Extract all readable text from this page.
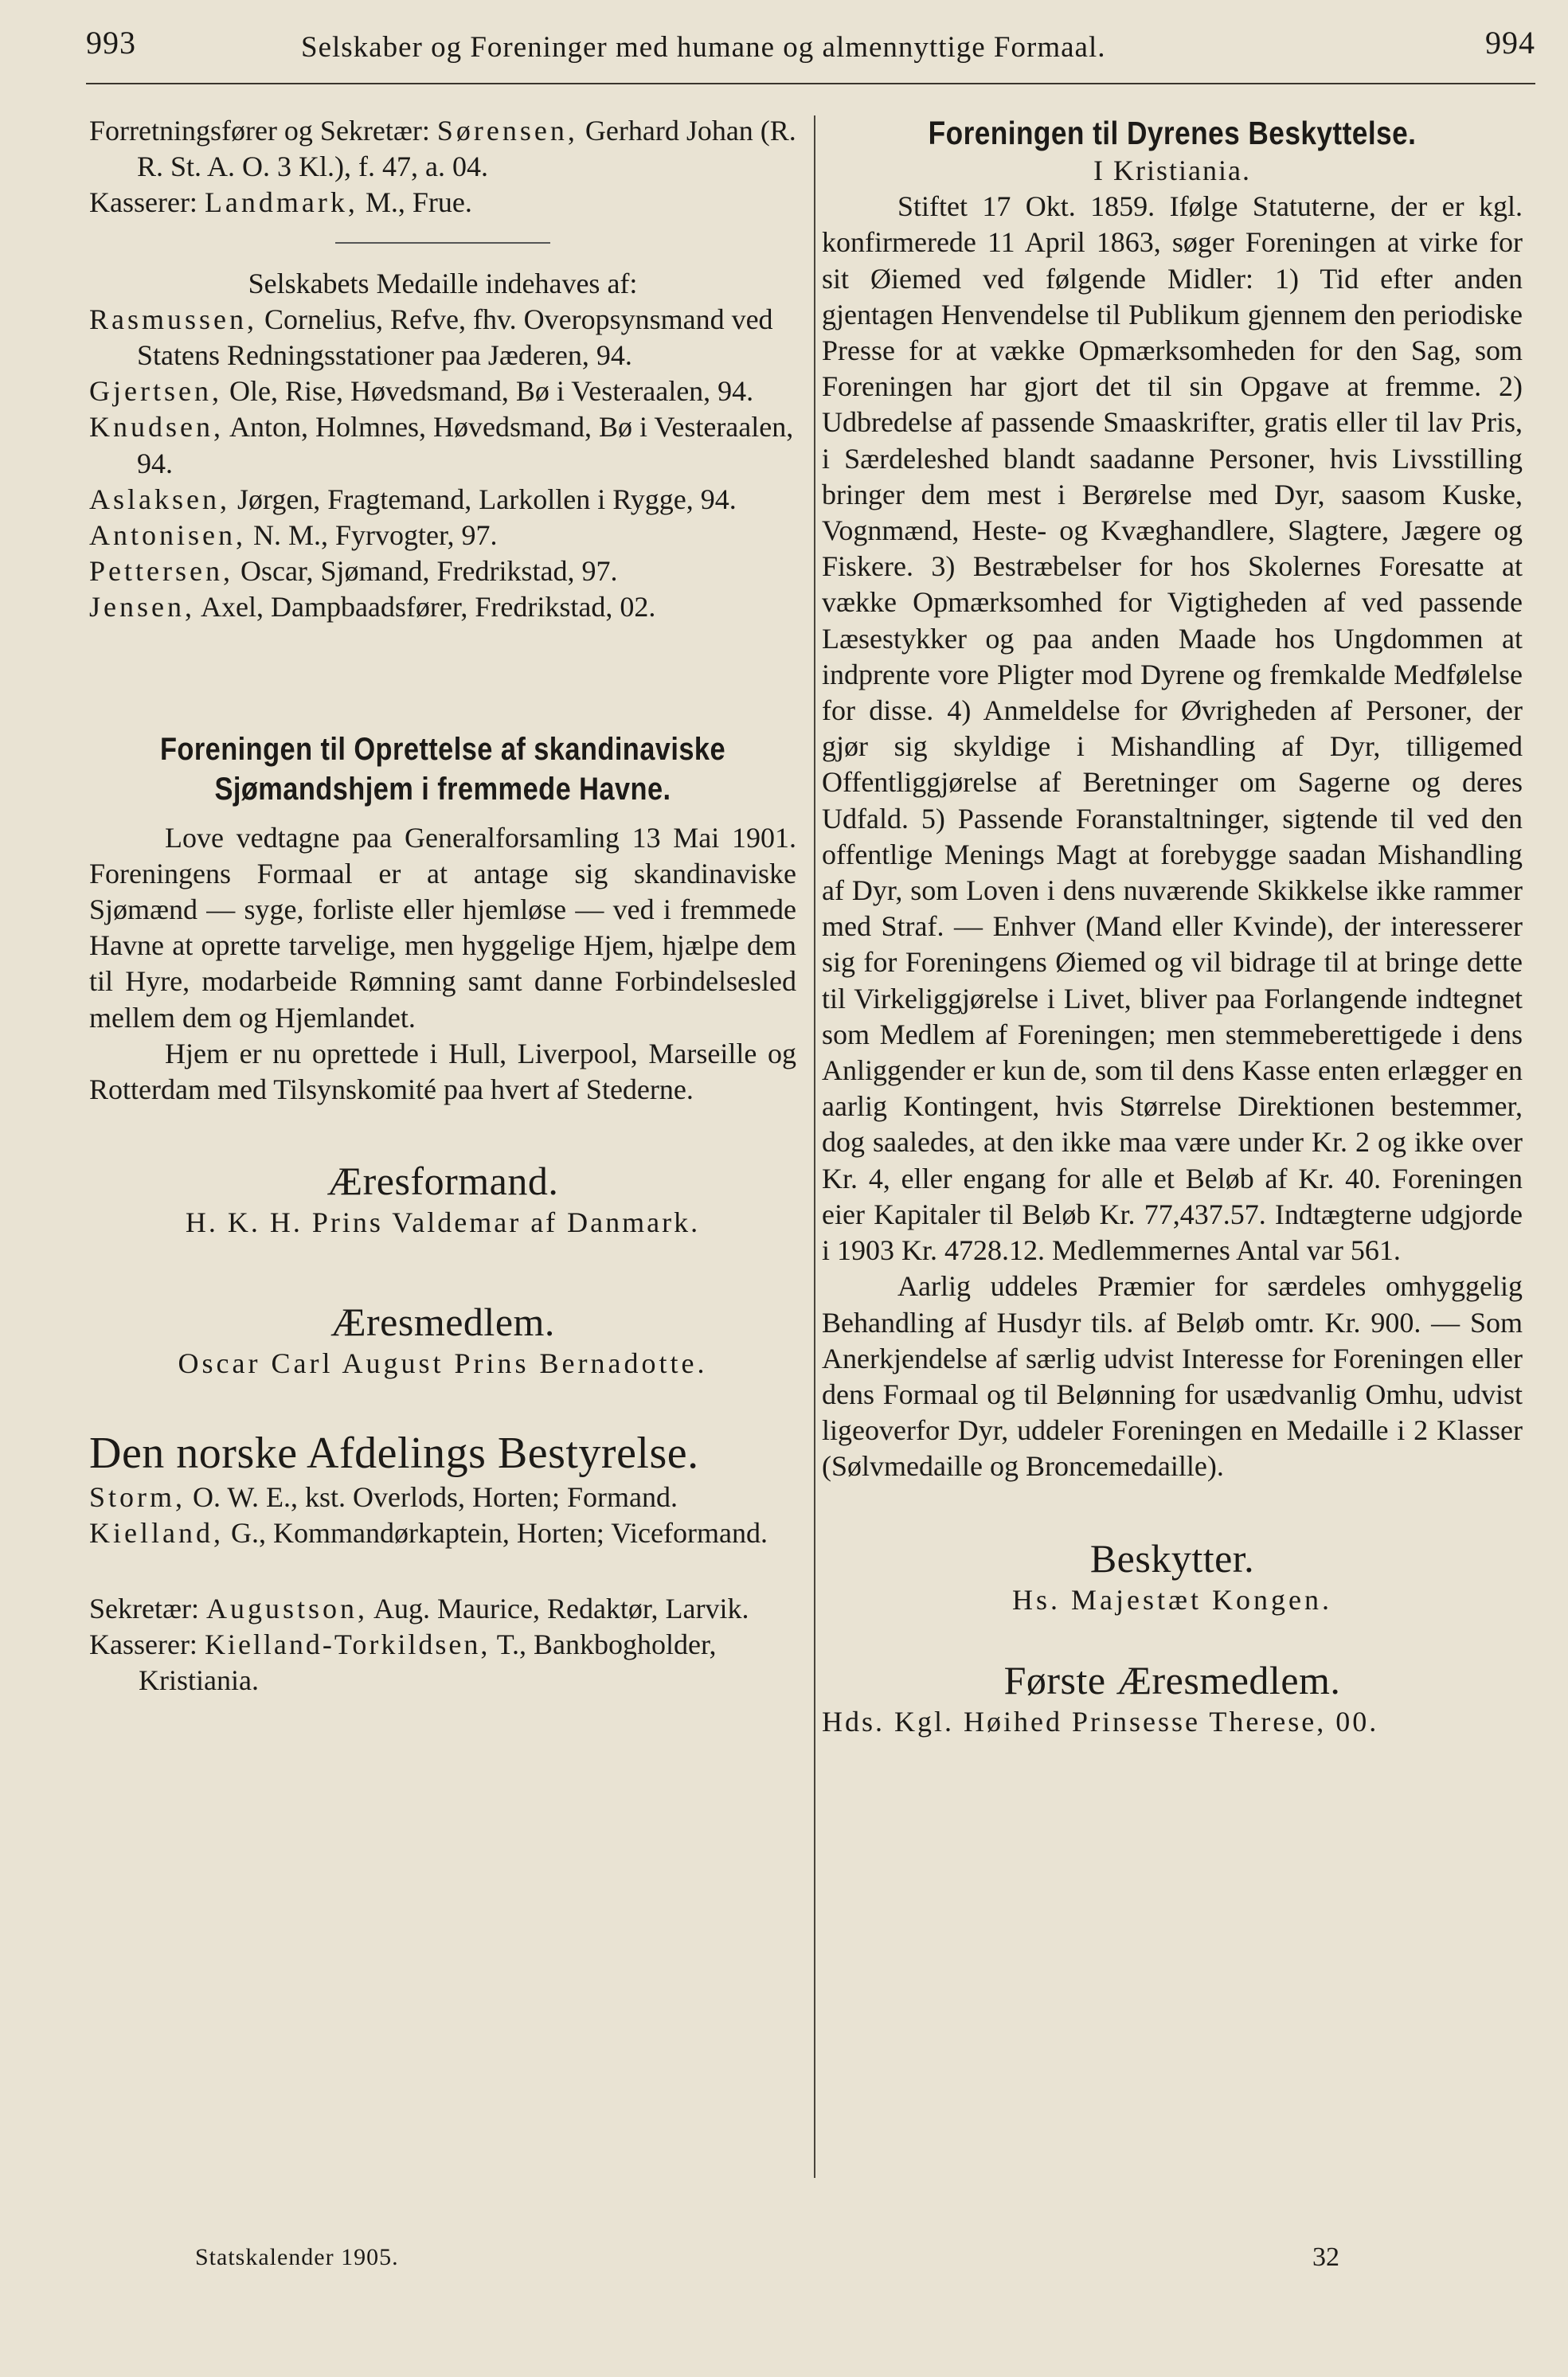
993	Selskaber og Foreninger med humane og almennyttige Formaal.	994

Forretningsfører og Sekretær: Sørensen, Gerhard Johan (R. R. St. A. O. 3 Kl.), f. 47, a. 04.

Kasserer: Landmark, M., Frue.

Selskabets Medaille indehaves af:

Rasmussen, Cornelius, Refve, fhv. Overopsynsmand ved Statens Redningsstationer paa Jæderen, 94.

Gjertsen, Ole, Rise, Høvedsmand, Bø i Vesteraalen, 94.

Knudsen, Anton, Holmnes, Høvedsmand, Bø i Vesteraalen, 94.

Aslaksen, Jørgen, Fragtemand, Larkollen i Rygge, 94.

Antonisen, N. M., Fyrvogter, 97.

Pettersen, Oscar, Sjømand, Fredrikstad, 97.

Jensen, Axel, Dampbaadsfører, Fredrikstad, 02.

Foreningen til Oprettelse af skandinaviske
Sjømandshjem i fremmede Havne.

Love vedtagne paa Generalforsamling 13 Mai 1901. Foreningens Formaal er at antage sig skandinaviske Sjømænd — syge, forliste eller hjemløse — ved i fremmede Havne at oprette tarvelige, men hyggelige Hjem, hjælpe dem til Hyre, modarbeide Rømning samt danne Forbindelsesled mellem dem og Hjemlandet.

Hjem er nu oprettede i Hull, Liverpool, Marseille og Rotterdam med Tilsynskomité paa hvert af Stederne.

Æresformand.

H. K. H. Prins Valdemar af Danmark.

Æresmedlem.

Oscar Carl August Prins Bernadotte.

Den norske Afdelings Bestyrelse.

Storm, O. W. E., kst. Overlods, Horten; Formand.

Kielland, G., Kommandørkaptein, Horten; Viceformand.

Sekretær: Augustson, Aug. Maurice, Redaktør, Larvik.

Kasserer: Kielland-Torkildsen, T., Bankbogholder, Kristiania.

Foreningen til Dyrenes Beskyttelse.

I Kristiania.

Stiftet 17 Okt. 1859. Ifølge Statuterne, der er kgl. konfirmerede 11 April 1863, søger Foreningen at virke for sit Øiemed ved følgende Midler: 1) Tid efter anden gjentagen Henvendelse til Publikum gjennem den periodiske Presse for at vække Opmærksomheden for den Sag, som Foreningen har gjort det til sin Opgave at fremme. 2) Udbredelse af passende Smaaskrifter, gratis eller til lav Pris, i Særdeleshed blandt saadanne Personer, hvis Livsstilling bringer dem mest i Berørelse med Dyr, saasom Kuske, Vognmænd, Heste- og Kvæghandlere, Slagtere, Jægere og Fiskere. 3) Bestræbelser for hos Skolernes Foresatte at vække Opmærksomhed for Vigtigheden af ved passende Læsestykker og paa anden Maade hos Ungdommen at indprente vore Pligter mod Dyrene og fremkalde Medfølelse for disse. 4) Anmeldelse for Øvrigheden af Personer, der gjør sig skyldige i Mishandling af Dyr, tilligemed Offentliggjørelse af Beretninger om Sagerne og deres Udfald. 5) Passende Foranstaltninger, sigtende til ved den offentlige Menings Magt at forebygge saadan Mishandling af Dyr, som Loven i dens nuværende Skikkelse ikke rammer med Straf. — Enhver (Mand eller Kvinde), der interesserer sig for Foreningens Øiemed og vil bidrage til at bringe dette til Virkeliggjørelse i Livet, bliver paa Forlangende indtegnet som Medlem af Foreningen; men stemmeberettigede i dens Anliggender er kun de, som til dens Kasse enten erlægger en aarlig Kontingent, hvis Størrelse Direktionen bestemmer, dog saaledes, at den ikke maa være under Kr. 2 og ikke over Kr. 4, eller engang for alle et Beløb af Kr. 40. Foreningen eier Kapitaler til Beløb Kr. 77,437.57. Indtægterne udgjorde i 1903 Kr. 4728.12. Medlemmernes Antal var 561.

Aarlig uddeles Præmier for særdeles omhyggelig Behandling af Husdyr tils. af Beløb omtr. Kr. 900. — Som Anerkjendelse af særlig udvist Interesse for Foreningen eller dens Formaal og til Belønning for usædvanlig Omhu, udvist ligeoverfor Dyr, uddeler Foreningen en Medaille i 2 Klasser (Sølvmedaille og Broncemedaille).

Beskytter.

Hs. Majestæt Kongen.

Første Æresmedlem.

Hds. Kgl. Høihed Prinsesse Therese, 00.

Statskalender 1905.	32
